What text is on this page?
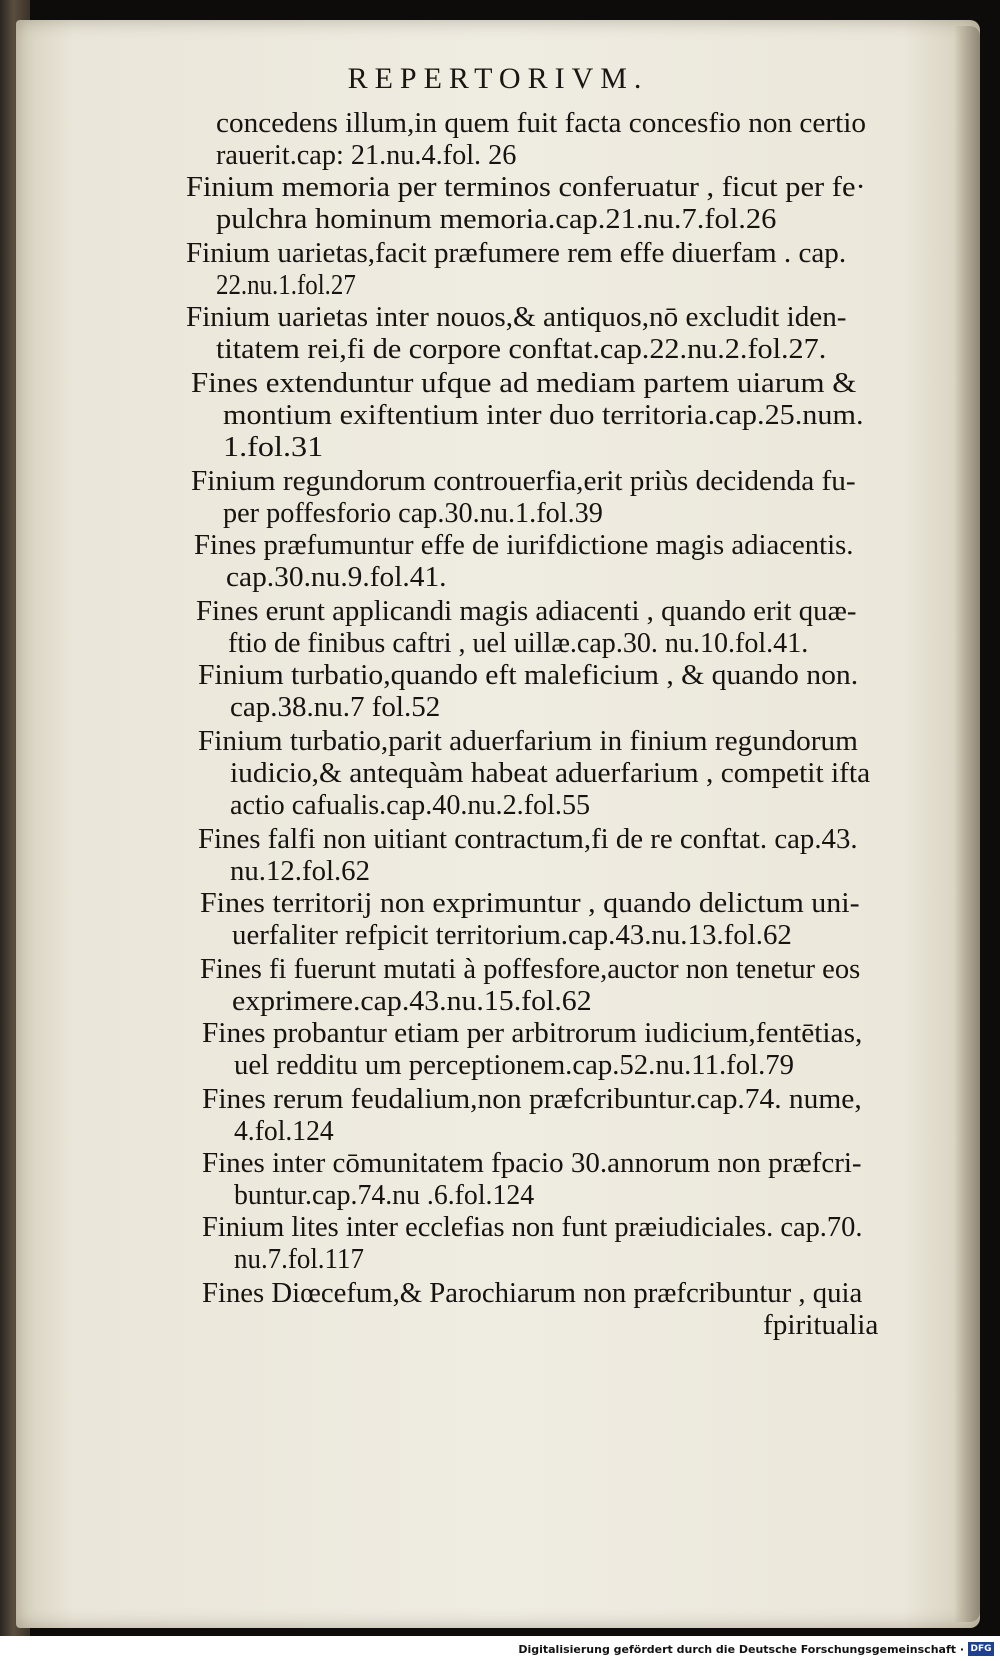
REPERTORIVM.
concedens illum,in quem fuit facta concesfio non certio
rauerit.cap: 21.nu.4.fol. 26
Finium memoria per terminos conferuatur , ficut per fe·
pulchra hominum memoria.cap.21.nu.7.fol.26
Finium uarietas,facit præfumere rem effe diuerfam . cap.
22.nu.1.fol.27
Finium uarietas inter nouos,& antiquos,nō excludit iden-
titatem rei,fi de corpore conftat.cap.22.nu.2.fol.27.
Fines extenduntur ufque ad mediam partem uiarum &
montium exiftentium inter duo territoria.cap.25.num.
1.fol.31
Finium regundorum controuerfia,erit priùs decidenda fu-
per poffesforio cap.30.nu.1.fol.39
Fines præfumuntur effe de iurifdictione magis adiacentis.
cap.30.nu.9.fol.41.
Fines erunt applicandi magis adiacenti , quando erit quæ-
ftio de finibus caftri , uel uillæ.cap.30. nu.10.fol.41.
Finium turbatio,quando eft maleficium , & quando non.
cap.38.nu.7 fol.52
Finium turbatio,parit aduerfarium in finium regundorum
iudicio,& antequàm habeat aduerfarium , competit ifta
actio cafualis.cap.40.nu.2.fol.55
Fines falfi non uitiant contractum,fi de re conftat. cap.43.
nu.12.fol.62
Fines territorij non exprimuntur , quando delictum uni-
uerfaliter refpicit territorium.cap.43.nu.13.fol.62
Fines fi fuerunt mutati à poffesfore,auctor non tenetur eos
exprimere.cap.43.nu.15.fol.62
Fines probantur etiam per arbitrorum iudicium,fentētias,
uel redditu um perceptionem.cap.52.nu.11.fol.79
Fines rerum feudalium,non præfcribuntur.cap.74. nume,
4.fol.124
Fines inter cōmunitatem fpacio 30.annorum non præfcri-
buntur.cap.74.nu .6.fol.124
Finium lites inter ecclefias non funt præiudiciales. cap.70.
nu.7.fol.117
Fines Diœcefum,& Parochiarum non præfcribuntur , quia
fpiritualia
Digitalisierung gefördert durch die Deutsche Forschungsgemeinschaft · DFG
